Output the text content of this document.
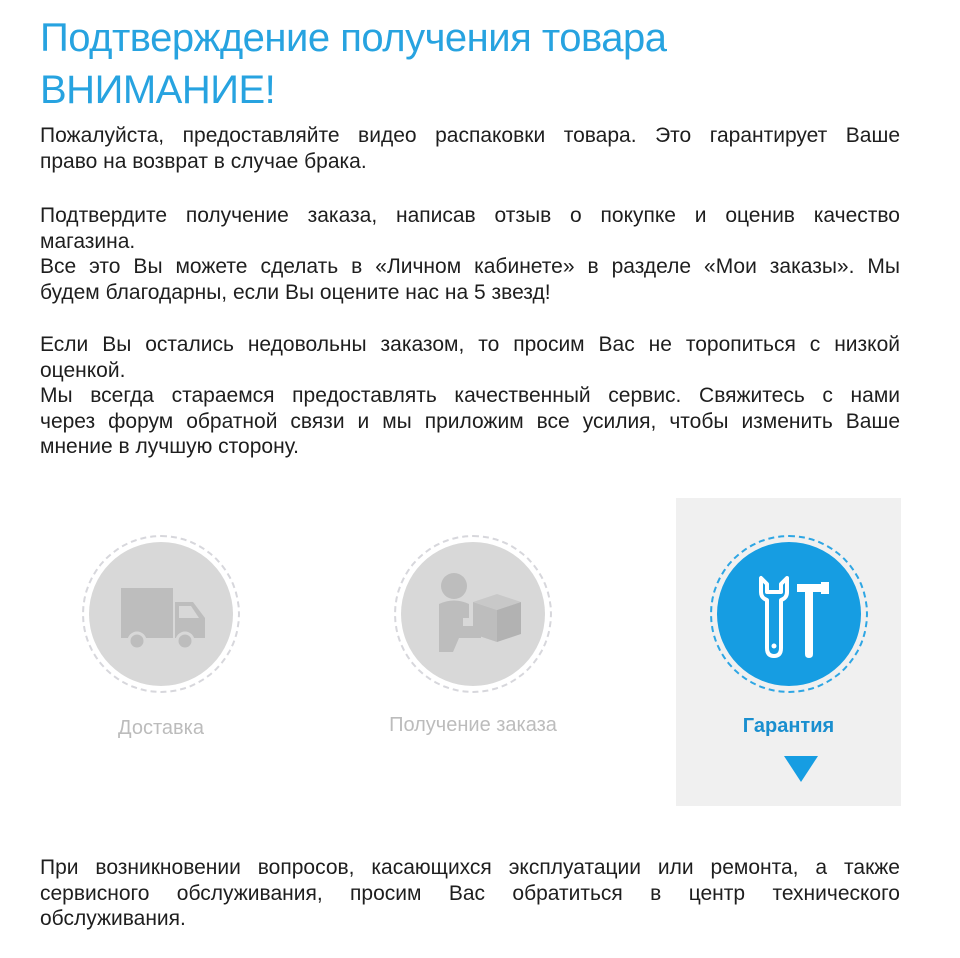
Подтверждение получения товара
ВНИМАНИЕ!
Пожалуйста, предоставляйте видео распаковки товара. Это гарантирует Ваше
право на возврат в случае брака.
Подтвердите получение заказа, написав отзыв о покупке и оценив качество
магазина.
Все это Вы можете сделать в «Личном кабинете» в разделе «Мои заказы». Мы
будем благодарны, если Вы оцените нас на 5 звезд!
Если Вы остались недовольны заказом, то просим Вас не торопиться с низкой
оценкой.
Мы всегда стараемся предоставлять качественный сервис. Свяжитесь с нами
через форум обратной связи и мы приложим все усилия, чтобы изменить Ваше
мнение в лучшую сторону.
Доставка	Получение заказа	Гарантия
При возникновении вопросов, касающихся эксплуатации или ремонта, а также
сервисного обслуживания, просим Вас обратиться в центр технического
обслуживания.
